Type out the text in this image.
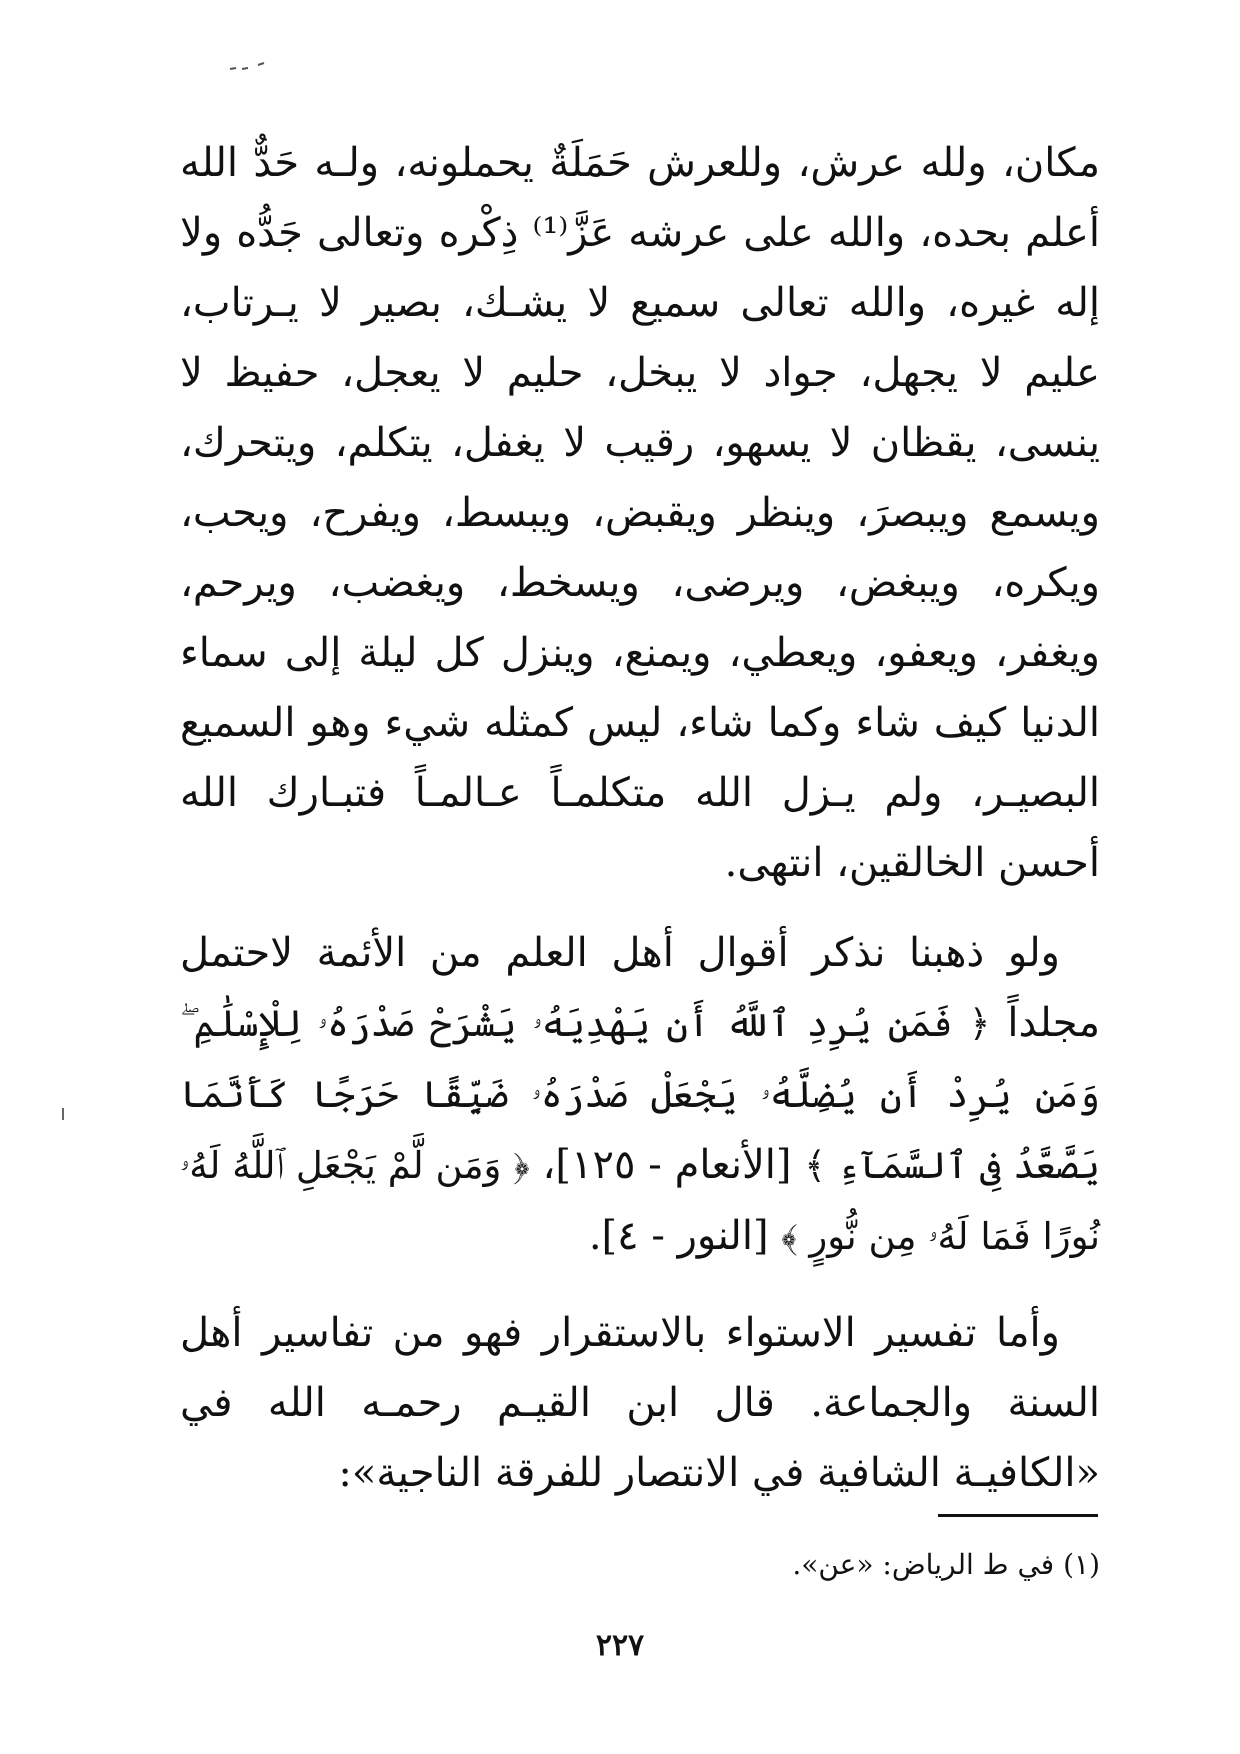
مكان، ولله عرش، وللعرش حَمَلَةٌ يحملونه، ولـه حَدٌّ الله أعلم بحده، والله على عرشه عَزَّ⁽¹⁾ ذِكْره وتعالى جَدُّه ولا إله غيره، والله تعالى سميع لا يشـك، بصير لا يـرتاب، عليم لا يجهل، جواد لا يبخل، حليم لا يعجل، حفيظ لا ينسى، يقظان لا يسهو، رقيب لا يغفل، يتكلم، ويتحرك، ويسمع ويبصرَ، وينظر ويقبض، ويبسط، ويفرح، ويحب، ويكره، ويبغض، ويرضى، ويسخط، ويغضب، ويرحم، ويغفر، ويعفو، ويعطي، ويمنع، وينزل كل ليلة إلى سماء الدنيا كيف شاء وكما شاء، ليس كمثله شيء وهو السميع البصيـر، ولم يـزل الله متكلمـاً عـالمـاً فتبـارك الله أحسن الخالقين، انتهى.

ولو ذهبنا نذكر أقوال أهل العلم من الأئمة لاحتمل مجلداً ﴿ فَمَن يُرِدِ ٱللَّهُ أَن يَهْدِيَهُۥ يَشْرَحْ صَدْرَهُۥ لِلْإِسْلَٰمِ ۖ وَمَن يُرِدْ أَن يُضِلَّهُۥ يَجْعَلْ صَدْرَهُۥ ضَيِّقًا حَرَجًا كَأَنَّمَا يَصَّعَّدُ فِى ٱلسَّمَآءِ ﴾ [الأنعام - ١٢٥]، ﴿ وَمَن لَّمْ يَجْعَلِ ٱللَّهُ لَهُۥ نُورًا فَمَا لَهُۥ مِن نُّورٍ ﴾ [النور - ٤].

وأما تفسير الاستواء بالاستقرار فهو من تفاسير أهل السنة والجماعة. قال ابن القيـم رحمـه الله في «الكافيـة الشافية في الانتصار للفرقة الناجية»:

(١) في ط الرياض: «عن».
٢٢٧
